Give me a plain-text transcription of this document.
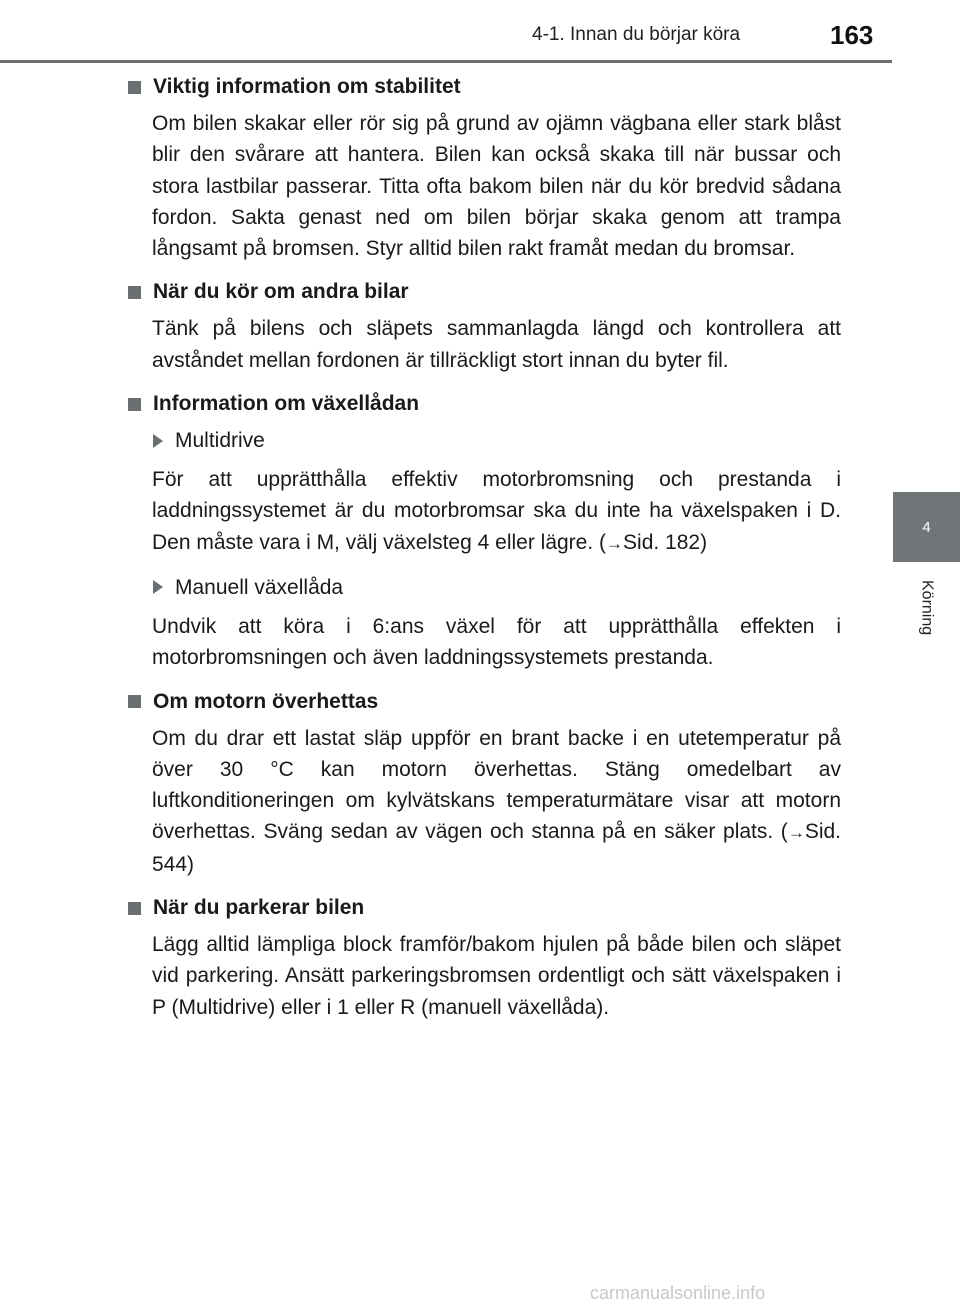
4-1. Innan du börjar köra	163
4
Körning
Viktig information om stabilitet
Om bilen skakar eller rör sig på grund av ojämn vägbana eller stark blåst blir den svårare att hantera. Bilen kan också skaka till när bussar och stora lastbilar passerar. Titta ofta bakom bilen när du kör bredvid sådana fordon. Sakta genast ned om bilen börjar skaka genom att trampa långsamt på bromsen. Styr alltid bilen rakt framåt medan du bromsar.
När du kör om andra bilar
Tänk på bilens och släpets sammanlagda längd och kontrollera att avståndet mellan fordonen är tillräckligt stort innan du byter fil.
Information om växellådan
Multidrive
För att upprätthålla effektiv motorbromsning och prestanda i laddningssystemet är du motorbromsar ska du inte ha växelspaken i D. Den måste vara i M, välj växelsteg 4 eller lägre. (→Sid. 182)
Manuell växellåda
Undvik att köra i 6:ans växel för att upprätthålla effekten i motorbromsningen och även laddningssystemets prestanda.
Om motorn överhettas
Om du drar ett lastat släp uppför en brant backe i en utetemperatur på över 30 °C kan motorn överhettas. Stäng omedelbart av luftkonditioneringen om kylvätskans temperaturmätare visar att motorn överhettas. Sväng sedan av vägen och stanna på en säker plats. (→Sid. 544)
När du parkerar bilen
Lägg alltid lämpliga block framför/bakom hjulen på både bilen och släpet vid parkering. Ansätt parkeringsbromsen ordentligt och sätt växelspaken i P (Multidrive) eller i 1 eller R (manuell växellåda).
carmanualsonline.info
